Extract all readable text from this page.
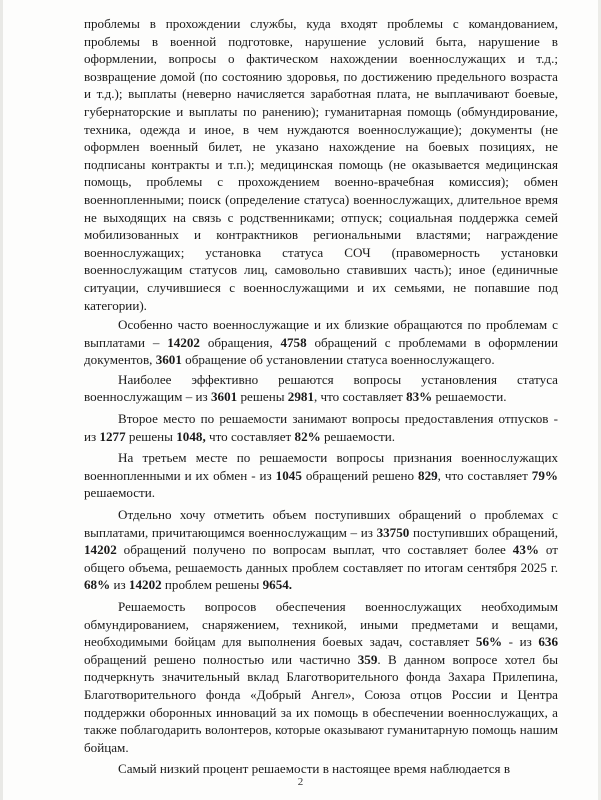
проблемы в прохождении службы, куда входят проблемы с командованием, проблемы в военной подготовке, нарушение условий быта, нарушение в оформлении, вопросы о фактическом нахождении военнослужащих и т.д.; возвращение домой (по состоянию здоровья, по достижению предельного возраста и т.д.); выплаты (неверно начисляется заработная плата, не выплачивают боевые, губернаторские и выплаты по ранению); гуманитарная помощь (обмундирование, техника, одежда и иное, в чем нуждаются военнослужащие); документы (не оформлен военный билет, не указано нахождение на боевых позициях, не подписаны контракты и т.п.); медицинская помощь (не оказывается медицинская помощь, проблемы с прохождением военно-врачебная комиссия); обмен военнопленными; поиск (определение статуса) военнослужащих, длительное время не выходящих на связь с родственниками; отпуск; социальная поддержка семей мобилизованных и контрактников региональными властями; награждение военнослужащих; установка статуса СОЧ (правомерность установки военнослужащим статусов лиц, самовольно ставивших часть); иное (единичные ситуации, случившиеся с военнослужащими и их семьями, не попавшие под категории).

Особенно часто военнослужащие и их близкие обращаются по проблемам с выплатами – 14202 обращения, 4758 обращений с проблемами в оформлении документов, 3601 обращение об установлении статуса военнослужащего.

Наиболее эффективно решаются вопросы установления статуса военнослужащим – из 3601 решены 2981, что составляет 83% решаемости.

Второе место по решаемости занимают вопросы предоставления отпусков - из 1277 решены 1048, что составляет 82% решаемости.

На третьем месте по решаемости вопросы признания военнослужащих военнопленными и их обмен - из 1045 обращений решено 829, что составляет 79% решаемости.

Отдельно хочу отметить объем поступивших обращений о проблемах с выплатами, причитающимся военнослужащим – из 33750 поступивших обращений, 14202 обращений получено по вопросам выплат, что составляет более 43% от общего объема, решаемость данных проблем составляет по итогам сентября 2025 г. 68% из 14202 проблем решены 9654.

Решаемость вопросов обеспечения военнослужащих необходимым обмундированием, снаряжением, техникой, иными предметами и вещами, необходимыми бойцам для выполнения боевых задач, составляет 56% - из 636 обращений решено полностью или частично 359. В данном вопросе хотел бы подчеркнуть значительный вклад Благотворительного фонда Захара Прилепина, Благотворительного фонда «Добрый Ангел», Союза отцов России и Центра поддержки оборонных инноваций за их помощь в обеспечении военнослужащих, а также поблагодарить волонтеров, которые оказывают гуманитарную помощь нашим бойцам.

Самый низкий процент решаемости в настоящее время наблюдается в

2
